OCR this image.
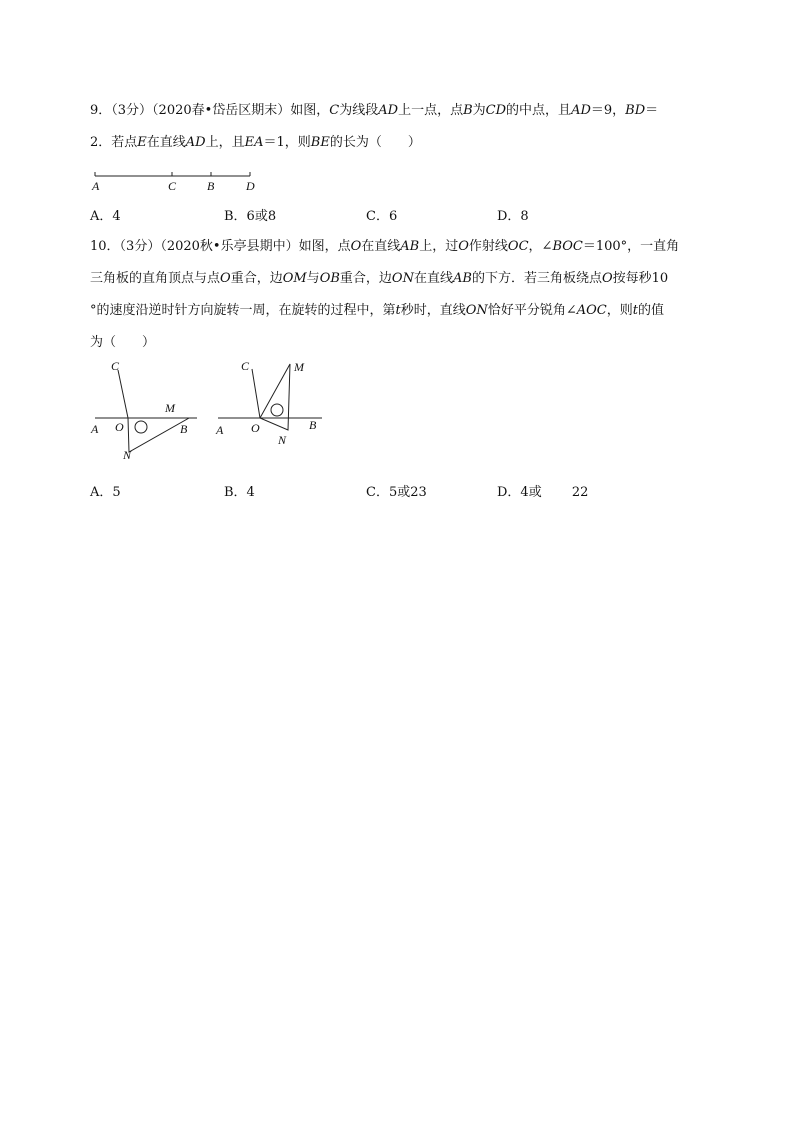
9．（3分）（2020春•岱岳区期末）如图，C为线段AD上一点，点B为CD的中点，且AD＝9，BD＝
2．若点E在直线AD上，且EA＝1，则BE的长为（　　）
A	C	B	D
A．4	B．6或8	C．6	D．8
10．（3分）（2020秋•乐亭县期中）如图，点O在直线AB上，过O作射线OC，∠BOC＝100°，一直角
三角板的直角顶点与点O重合，边OM与OB重合，边ON在直线AB的下方．若三角板绕点O按每秒10
°的速度沿逆时针方向旋转一周，在旋转的过程中，第t秒时，直线ON恰好平分锐角∠AOC，则t的值
为（　　）
C
M
A O	B
N
C	M
A O	B
N
A．5	B．4	C．5或23	D．4或 22
